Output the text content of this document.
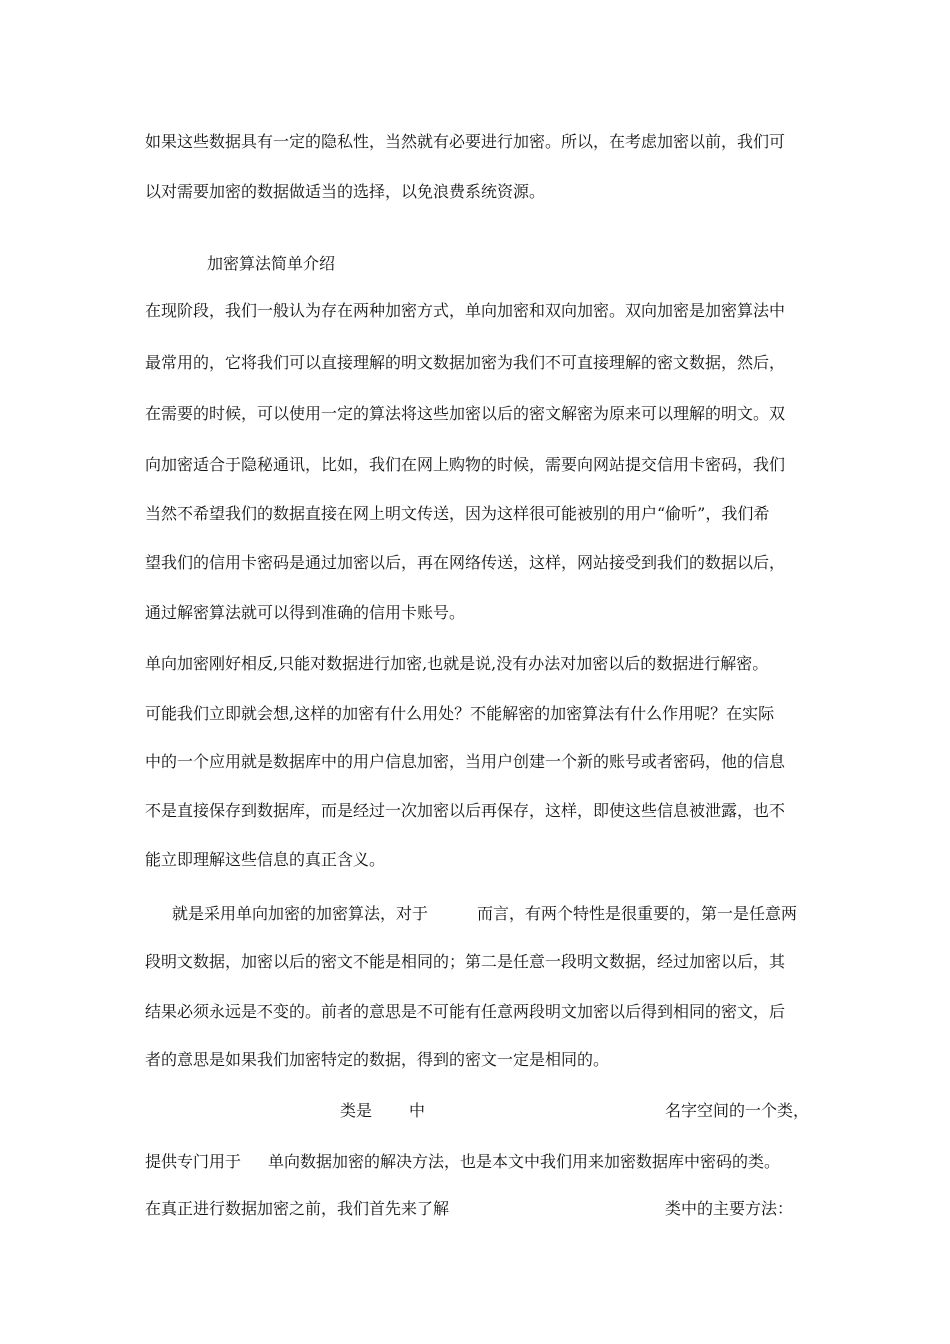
如果这些数据具有一定的隐私性，当然就有必要进行加密。所以，在考虑加密以前，我们可
以对需要加密的数据做适当的选择，以免浪费系统资源。
加密算法简单介绍
在现阶段，我们一般认为存在两种加密方式，单向加密和双向加密。双向加密是加密算法中
最常用的，它将我们可以直接理解的明文数据加密为我们不可直接理解的密文数据，然后，
在需要的时候，可以使用一定的算法将这些加密以后的密文解密为原来可以理解的明文。双
向加密适合于隐秘通讯，比如，我们在网上购物的时候，需要向网站提交信用卡密码，我们
当然不希望我们的数据直接在网上明文传送，因为这样很可能被别的用户“偷听”，我们希
望我们的信用卡密码是通过加密以后，再在网络传送，这样，网站接受到我们的数据以后，
通过解密算法就可以得到准确的信用卡账号。
单向加密刚好相反,只能对数据进行加密,也就是说,没有办法对加密以后的数据进行解密。
可能我们立即就会想,这样的加密有什么用处？不能解密的加密算法有什么作用呢？在实际
中的一个应用就是数据库中的用户信息加密，当用户创建一个新的账号或者密码，他的信息
不是直接保存到数据库，而是经过一次加密以后再保存，这样，即使这些信息被泄露，也不
能立即理解这些信息的真正含义。
就是采用单向加密的加密算法，对于	而言，有两个特性是很重要的，第一是任意两
段明文数据，加密以后的密文不能是相同的；第二是任意一段明文数据，经过加密以后，其
结果必须永远是不变的。前者的意思是不可能有任意两段明文加密以后得到相同的密文，后
者的意思是如果我们加密特定的数据，得到的密文一定是相同的。
类是 中	名字空间的一个类，
提供专门用于 单向数据加密的解决方法，也是本文中我们用来加密数据库中密码的类。
在真正进行数据加密之前，我们首先来了解	类中的主要方法：
